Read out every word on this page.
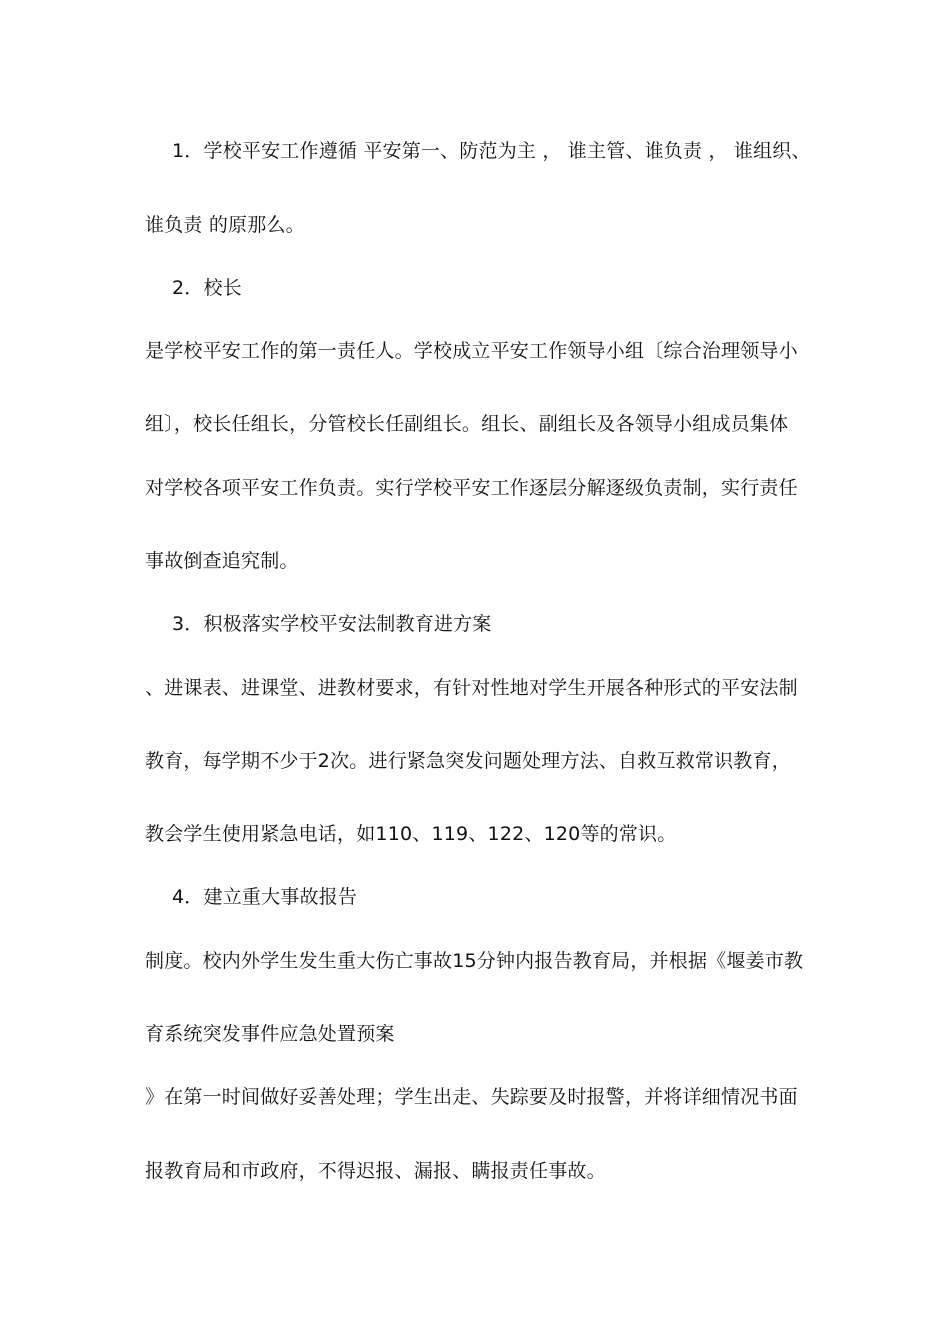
1．学校平安工作遵循 平安第一、防范为主 ， 谁主管、谁负责 ， 谁组织、
谁负责 的原那么。
2．校长
是学校平安工作的第一责任人。学校成立平安工作领导小组〔综合治理领导小
组〕，校长任组长，分管校长任副组长。组长、副组长及各领导小组成员集体
对学校各项平安工作负责。实行学校平安工作逐层分解逐级负责制，实行责任
事故倒查追究制。
3．积极落实学校平安法制教育进方案
、进课表、进课堂、进教材要求，有针对性地对学生开展各种形式的平安法制
教育，每学期不少于2次。进行紧急突发问题处理方法、自救互救常识教育，
教会学生使用紧急电话，如110、119、122、120等的常识。
4．建立重大事故报告
制度。校内外学生发生重大伤亡事故15分钟内报告教育局，并根据《堰姜市教
育系统突发事件应急处置预案
》在第一时间做好妥善处理；学生出走、失踪要及时报警，并将详细情况书面
报教育局和市政府，不得迟报、漏报、瞒报责任事故。
